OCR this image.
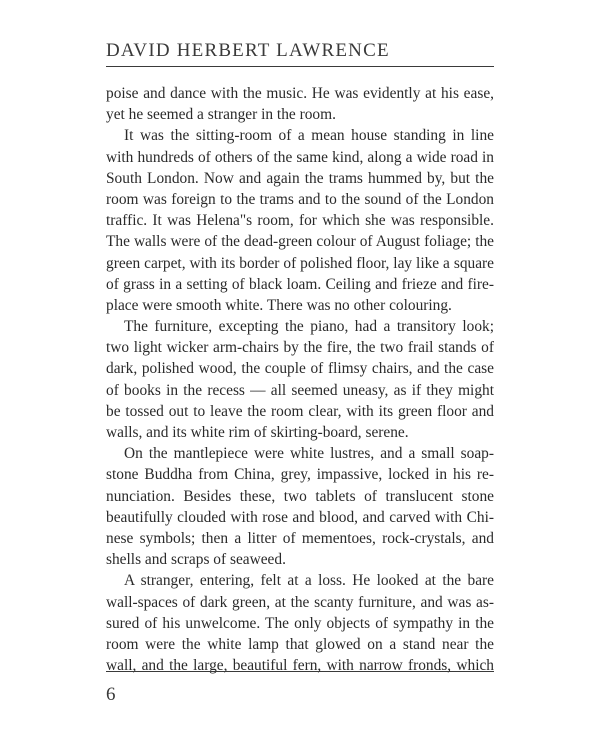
DAVID HERBERT LAWRENCE
poise and dance with the music. He was evidently at his ease,
yet he seemed a stranger in the room.
It was the sitting-room of a mean house standing in line
with hundreds of others of the same kind, along a wide road in
South London. Now and again the trams hummed by, but the
room was foreign to the trams and to the sound of the London
traffic. It was Helena"s room, for which she was responsible.
The walls were of the dead-green colour of August foliage; the
green carpet, with its border of polished floor, lay like a square
of grass in a setting of black loam. Ceiling and frieze and fire-
place were smooth white. There was no other colouring.
The furniture, excepting the piano, had a transitory look;
two light wicker arm-chairs by the fire, the two frail stands of
dark, polished wood, the couple of flimsy chairs, and the case
of books in the recess — all seemed uneasy, as if they might
be tossed out to leave the room clear, with its green floor and
walls, and its white rim of skirting-board, serene.
On the mantlepiece were white lustres, and a small soap-
stone Buddha from China, grey, impassive, locked in his re-
nunciation. Besides these, two tablets of translucent stone
beautifully clouded with rose and blood, and carved with Chi-
nese symbols; then a litter of mementoes, rock-crystals, and
shells and scraps of seaweed.
A stranger, entering, felt at a loss. He looked at the bare
wall-spaces of dark green, at the scanty furniture, and was as-
sured of his unwelcome. The only objects of sympathy in the
room were the white lamp that glowed on a stand near the
wall, and the large, beautiful fern, with narrow fronds, which
6
